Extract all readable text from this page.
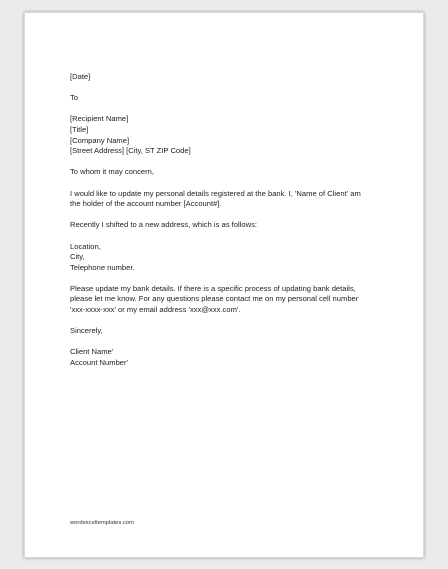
[Date]
To
[Recipient Name]
[Title]
[Company Name]
[Street Address] [City, ST ZIP Code]
To whom it may concern,
I would like to update my personal details registered at the bank. I, 'Name of Client' am
the holder of the account number [Account#].
Recently I shifted to a new address, which is as follows:
Location,
City,
Telephone number.
Please update my bank details. If there is a specific process of updating bank details,
please let me know. For any questions please contact me on my personal cell number
'xxx-xxxx-xxx' or my email address 'xxx@xxx.com'.
Sincerely,
Client Name'
Account Number'
wordexceltemplates.com
